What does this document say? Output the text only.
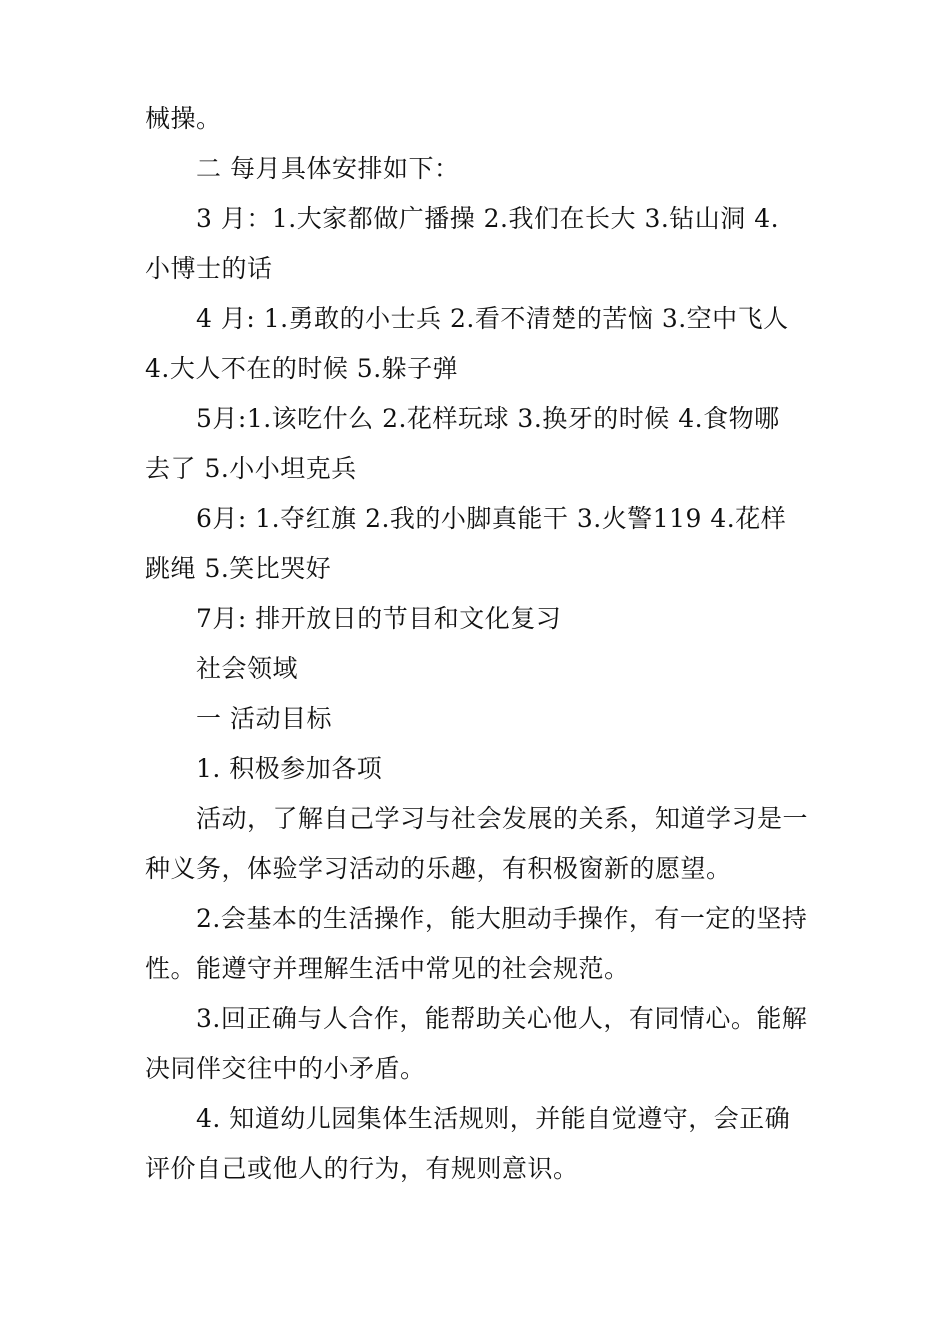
械操。
二 每月具体安排如下：
3 月：1.大家都做广播操 2.我们在长大 3.钻山洞 4.
小博士的话
4 月: 1.勇敢的小士兵 2.看不清楚的苦恼 3.空中飞人
4.大人不在的时候 5.躲子弹
5月:1.该吃什么 2.花样玩球 3.换牙的时候 4.食物哪
去了 5.小小坦克兵
6月: 1.夺红旗 2.我的小脚真能干 3.火警119 4.花样
跳绳 5.笑比哭好
7月: 排开放日的节目和文化复习
社会领域
一 活动目标
1. 积极参加各项
活动，了解自己学习与社会发展的关系，知道学习是一
种义务，体验学习活动的乐趣，有积极窗新的愿望。
2.会基本的生活操作，能大胆动手操作，有一定的坚持
性。能遵守并理解生活中常见的社会规范。
3.回正确与人合作，能帮助关心他人，有同情心。能解
决同伴交往中的小矛盾。
4. 知道幼儿园集体生活规则，并能自觉遵守，会正确
评价自己或他人的行为，有规则意识。
